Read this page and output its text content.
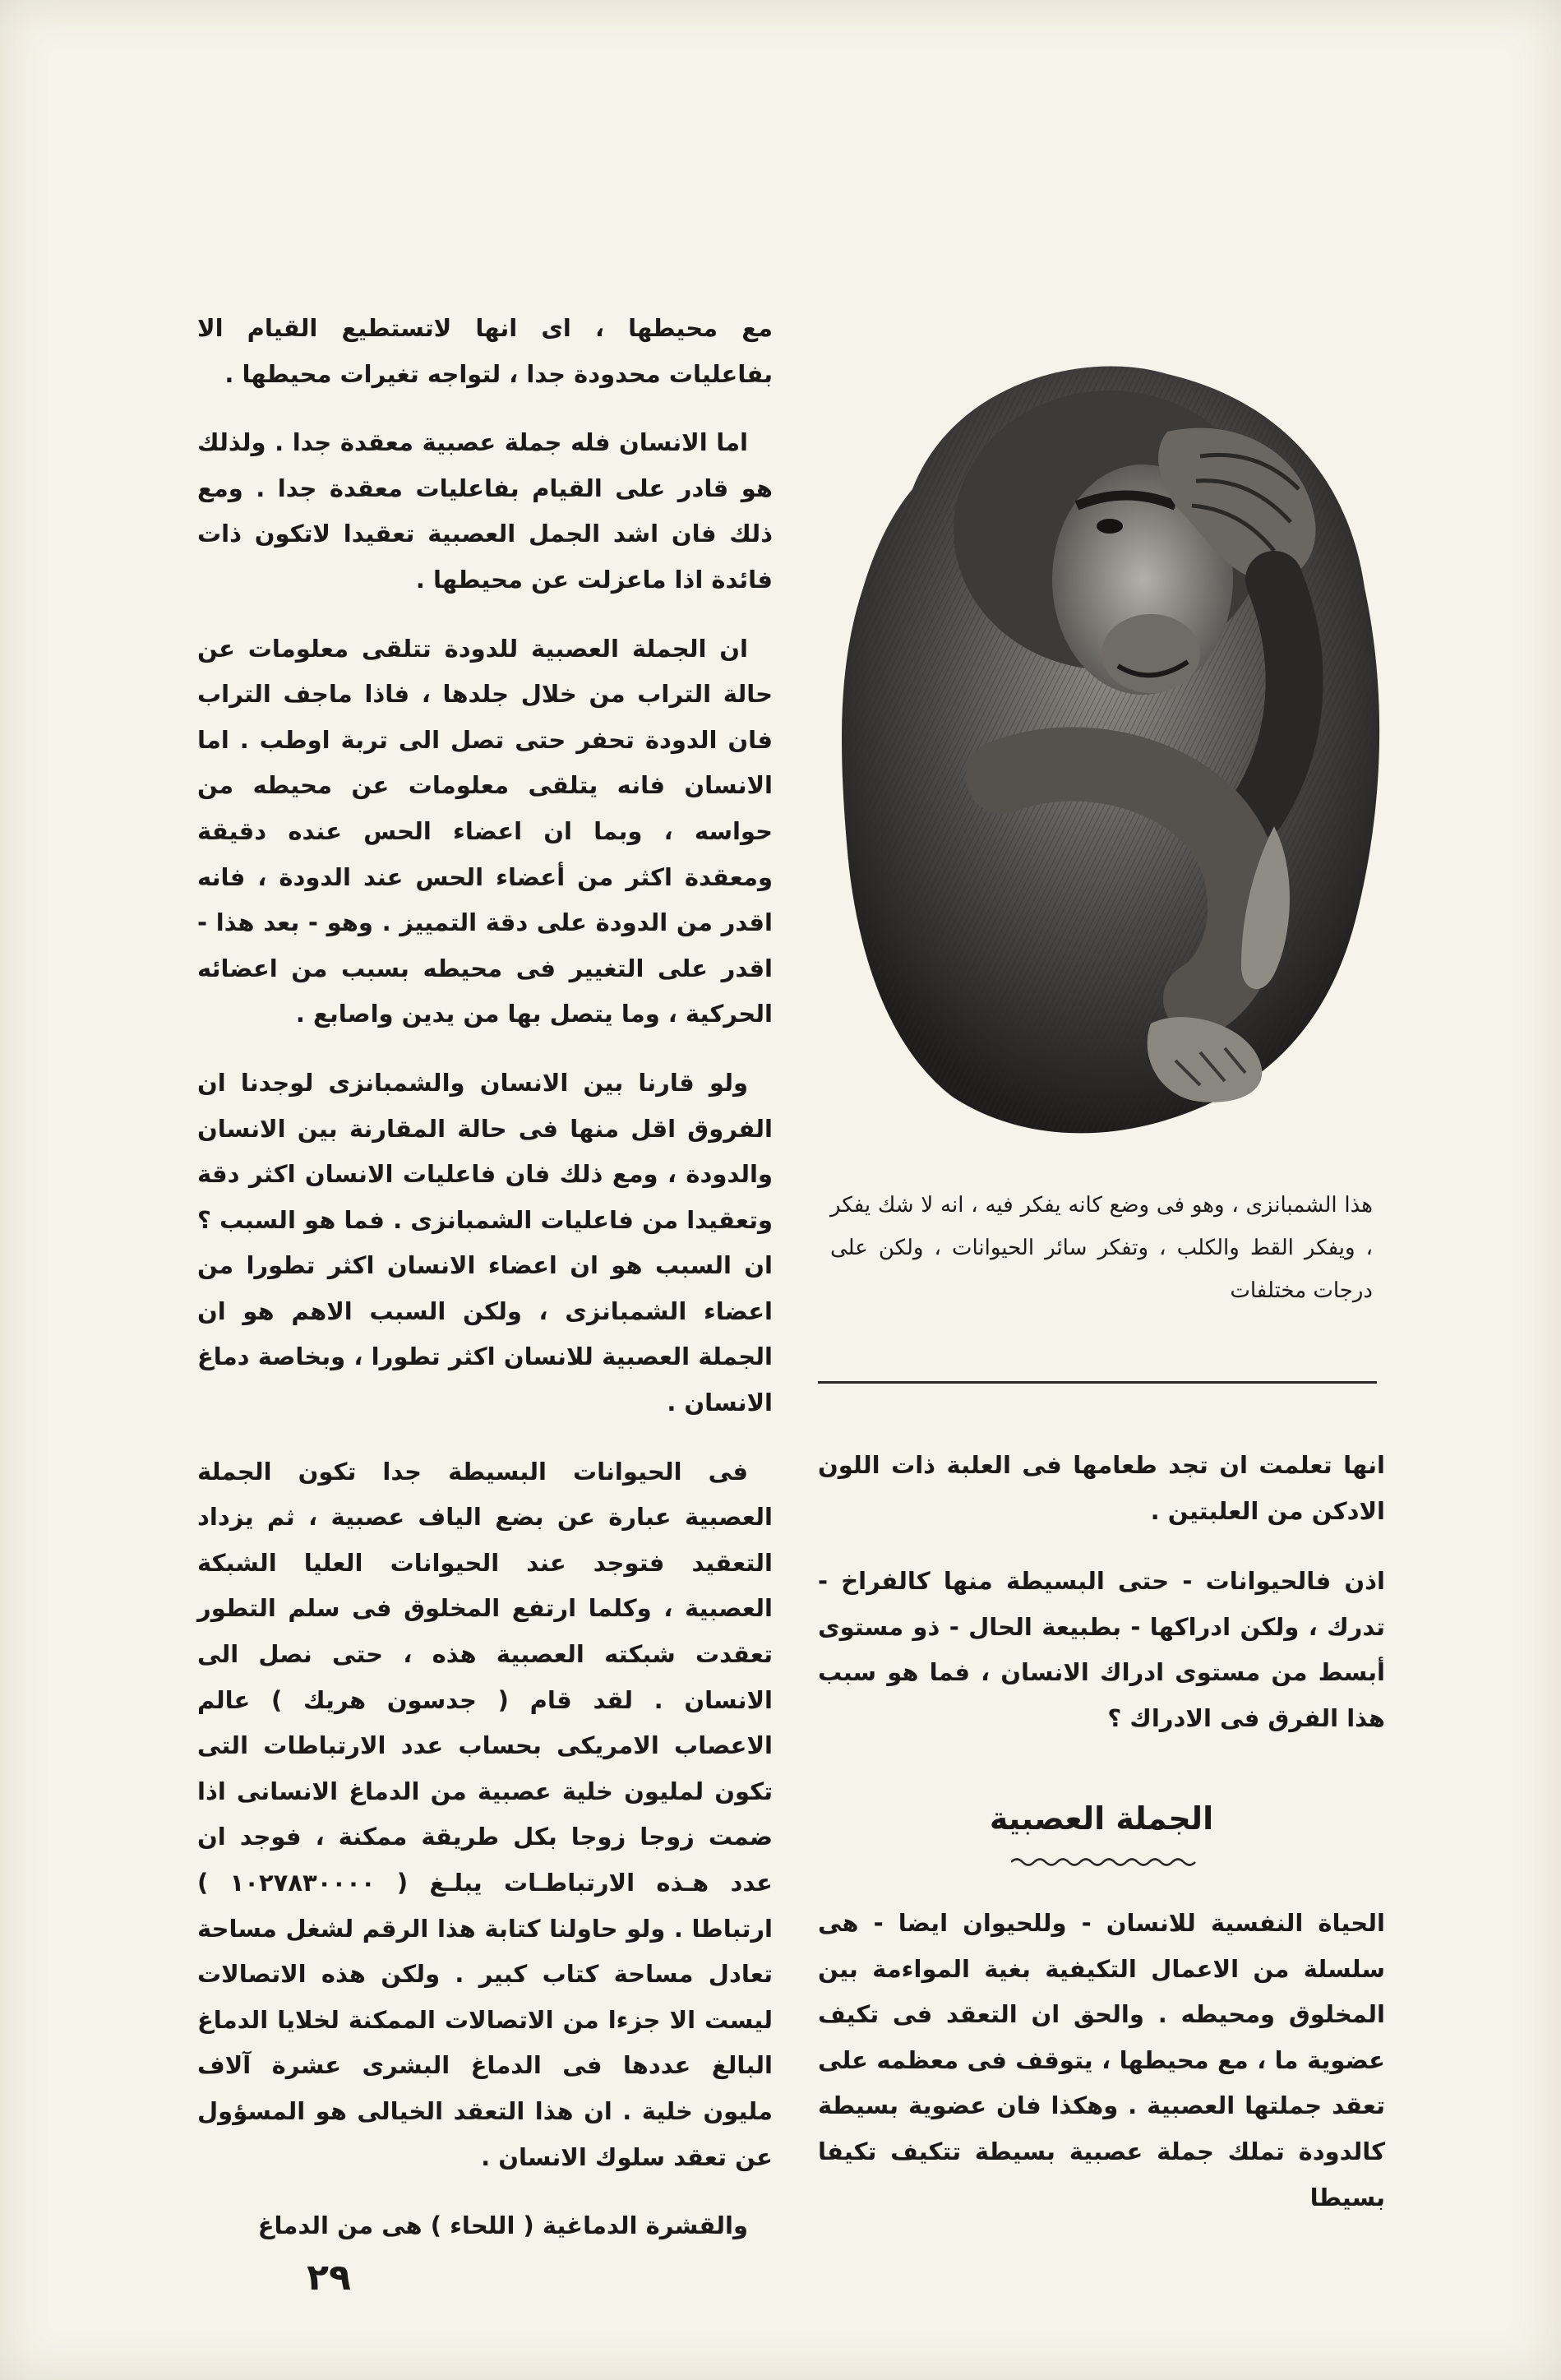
مع محيطها ، اى انها لاتستطيع القيام الا بفاعليات محدودة جدا ، لتواجه تغيرات محيطها .

اما الانسان فله جملة عصبية معقدة جدا . ولذلك هو قادر على القيام بفاعليات معقدة جدا . ومع ذلك فان اشد الجمل العصبية تعقيدا لاتكون ذات فائدة اذا ماعزلت عن محيطها .

ان الجملة العصبية للدودة تتلقى معلومات عن حالة التراب من خلال جلدها ، فاذا ماجف التراب فان الدودة تحفر حتى تصل الى تربة اوطب . اما الانسان فانه يتلقى معلومات عن محيطه من حواسه ، وبما ان اعضاء الحس عنده دقيقة ومعقدة اكثر من أعضاء الحس عند الدودة ، فانه اقدر من الدودة على دقة التمييز . وهو - بعد هذا - اقدر على التغيير فى محيطه بسبب من اعضائه الحركية ، وما يتصل بها من يدين واصابع .

ولو قارنا بين الانسان والشمبانزى لوجدنا ان الفروق اقل منها فى حالة المقارنة بين الانسان والدودة ، ومع ذلك فان فاعليات الانسان اكثر دقة وتعقيدا من فاعليات الشمبانزى . فما هو السبب ؟ ان السبب هو ان اعضاء الانسان اكثر تطورا من اعضاء الشمبانزى ، ولكن السبب الاهم هو ان الجملة العصبية للانسان اكثر تطورا ، وبخاصة دماغ الانسان .

فى الحيوانات البسيطة جدا تكون الجملة العصبية عبارة عن بضع الياف عصبية ، ثم يزداد التعقيد فتوجد عند الحيوانات العليا الشبكة العصبية ، وكلما ارتفع المخلوق فى سلم التطور تعقدت شبكته العصبية هذه ، حتى نصل الى الانسان . لقد قام ( جدسون هريك ) عالم الاعصاب الامريكى بحساب عدد الارتباطات التى تكون لمليون خلية عصبية من الدماغ الانسانى اذا ضمت زوجا زوجا بكل طريقة ممكنة ، فوجد ان عدد هـذه الارتباطـات يبلـغ ( ١٠٢٧٨٣٠٠٠٠ ) ارتباطا . ولو حاولنا كتابة هذا الرقم لشغل مساحة تعادل مساحة كتاب كبير . ولكن هذه الاتصالات ليست الا جزءا من الاتصالات الممكنة لخلايا الدماغ البالغ عددها فى الدماغ البشرى عشرة آلاف مليون خلية . ان هذا التعقد الخيالى هو المسؤول عن تعقد سلوك الانسان .

والقشرة الدماغية ( اللحاء ) هى من الدماغ

هذا الشمبانزى ، وهو فى وضع كانه يفكر فيه ، انه لا شك يفكر ، ويفكر القط والكلب ، وتفكر سائر الحيوانات ، ولكن على درجات مختلفات

انها تعلمت ان تجد طعامها فى العلبة ذات اللون الادكن من العلبتين .

اذن فالحيوانات - حتى البسيطة منها كالفراخ - تدرك ، ولكن ادراكها - بطبيعة الحال - ذو مستوى أبسط من مستوى ادراك الانسان ، فما هو سبب هذا الفرق فى الادراك ؟

الجملة العصبية

الحياة النفسية للانسان - وللحيوان ايضا - هى سلسلة من الاعمال التكيفية بغية المواءمة بين المخلوق ومحيطه . والحق ان التعقد فى تكيف عضوية ما ، مع محيطها ، يتوقف فى معظمه على تعقد جملتها العصبية . وهكذا فان عضوية بسيطة كالدودة تملك جملة عصبية بسيطة تتكيف تكيفا بسيطا

٢٩
